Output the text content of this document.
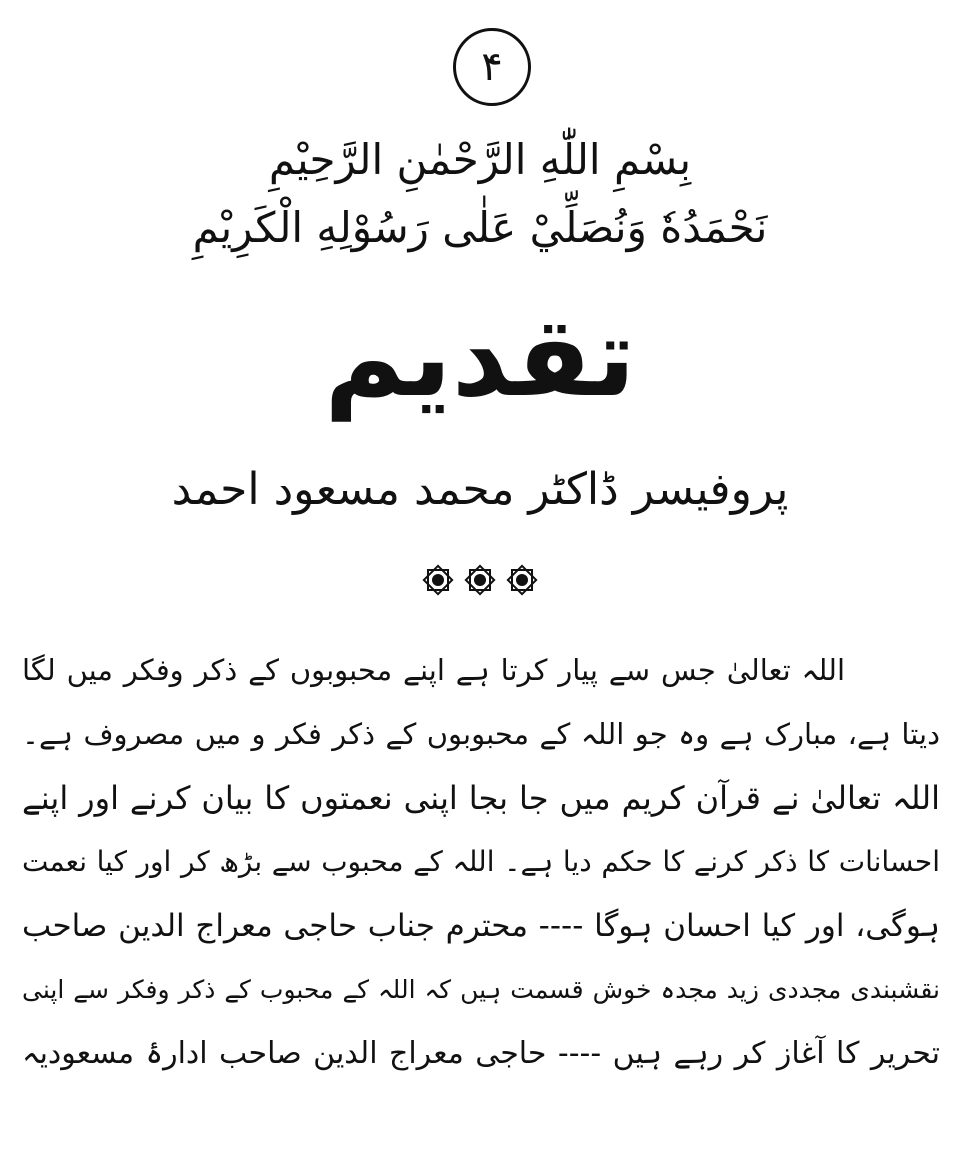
۴
بِسْمِ اللّٰهِ الرَّحْمٰنِ الرَّحِيْمِ
نَحْمَدُهٗ وَنُصَلِّيْ عَلٰى رَسُوْلِهِ الْكَرِيْمِ
تقدیم
پروفیسر ڈاکٹر محمد مسعود احمد
اللہ تعالیٰ جس سے پیار کرتا ہے اپنے محبوبوں کے ذکر وفکر میں لگا
دیتا ہے، مبارک ہے وہ جو اللہ کے محبوبوں کے ذکر فکر و میں مصروف ہے۔
اللہ تعالیٰ نے قرآن کریم میں جا بجا اپنی نعمتوں کا بیان کرنے اور اپنے
احسانات کا ذکر کرنے کا حکم دیا ہے۔ اللہ کے محبوب سے بڑھ کر اور کیا نعمت
ہوگی، اور کیا احسان ہوگا ---- محترم جناب حاجی معراج الدین صاحب
نقشبندی مجددی زید مجدہ خوش قسمت ہیں کہ اللہ کے محبوب کے ذکر وفکر سے اپنی
تحریر کا آغاز کر رہے ہیں ---- حاجی معراج الدین صاحب ادارۂ مسعودیہ
